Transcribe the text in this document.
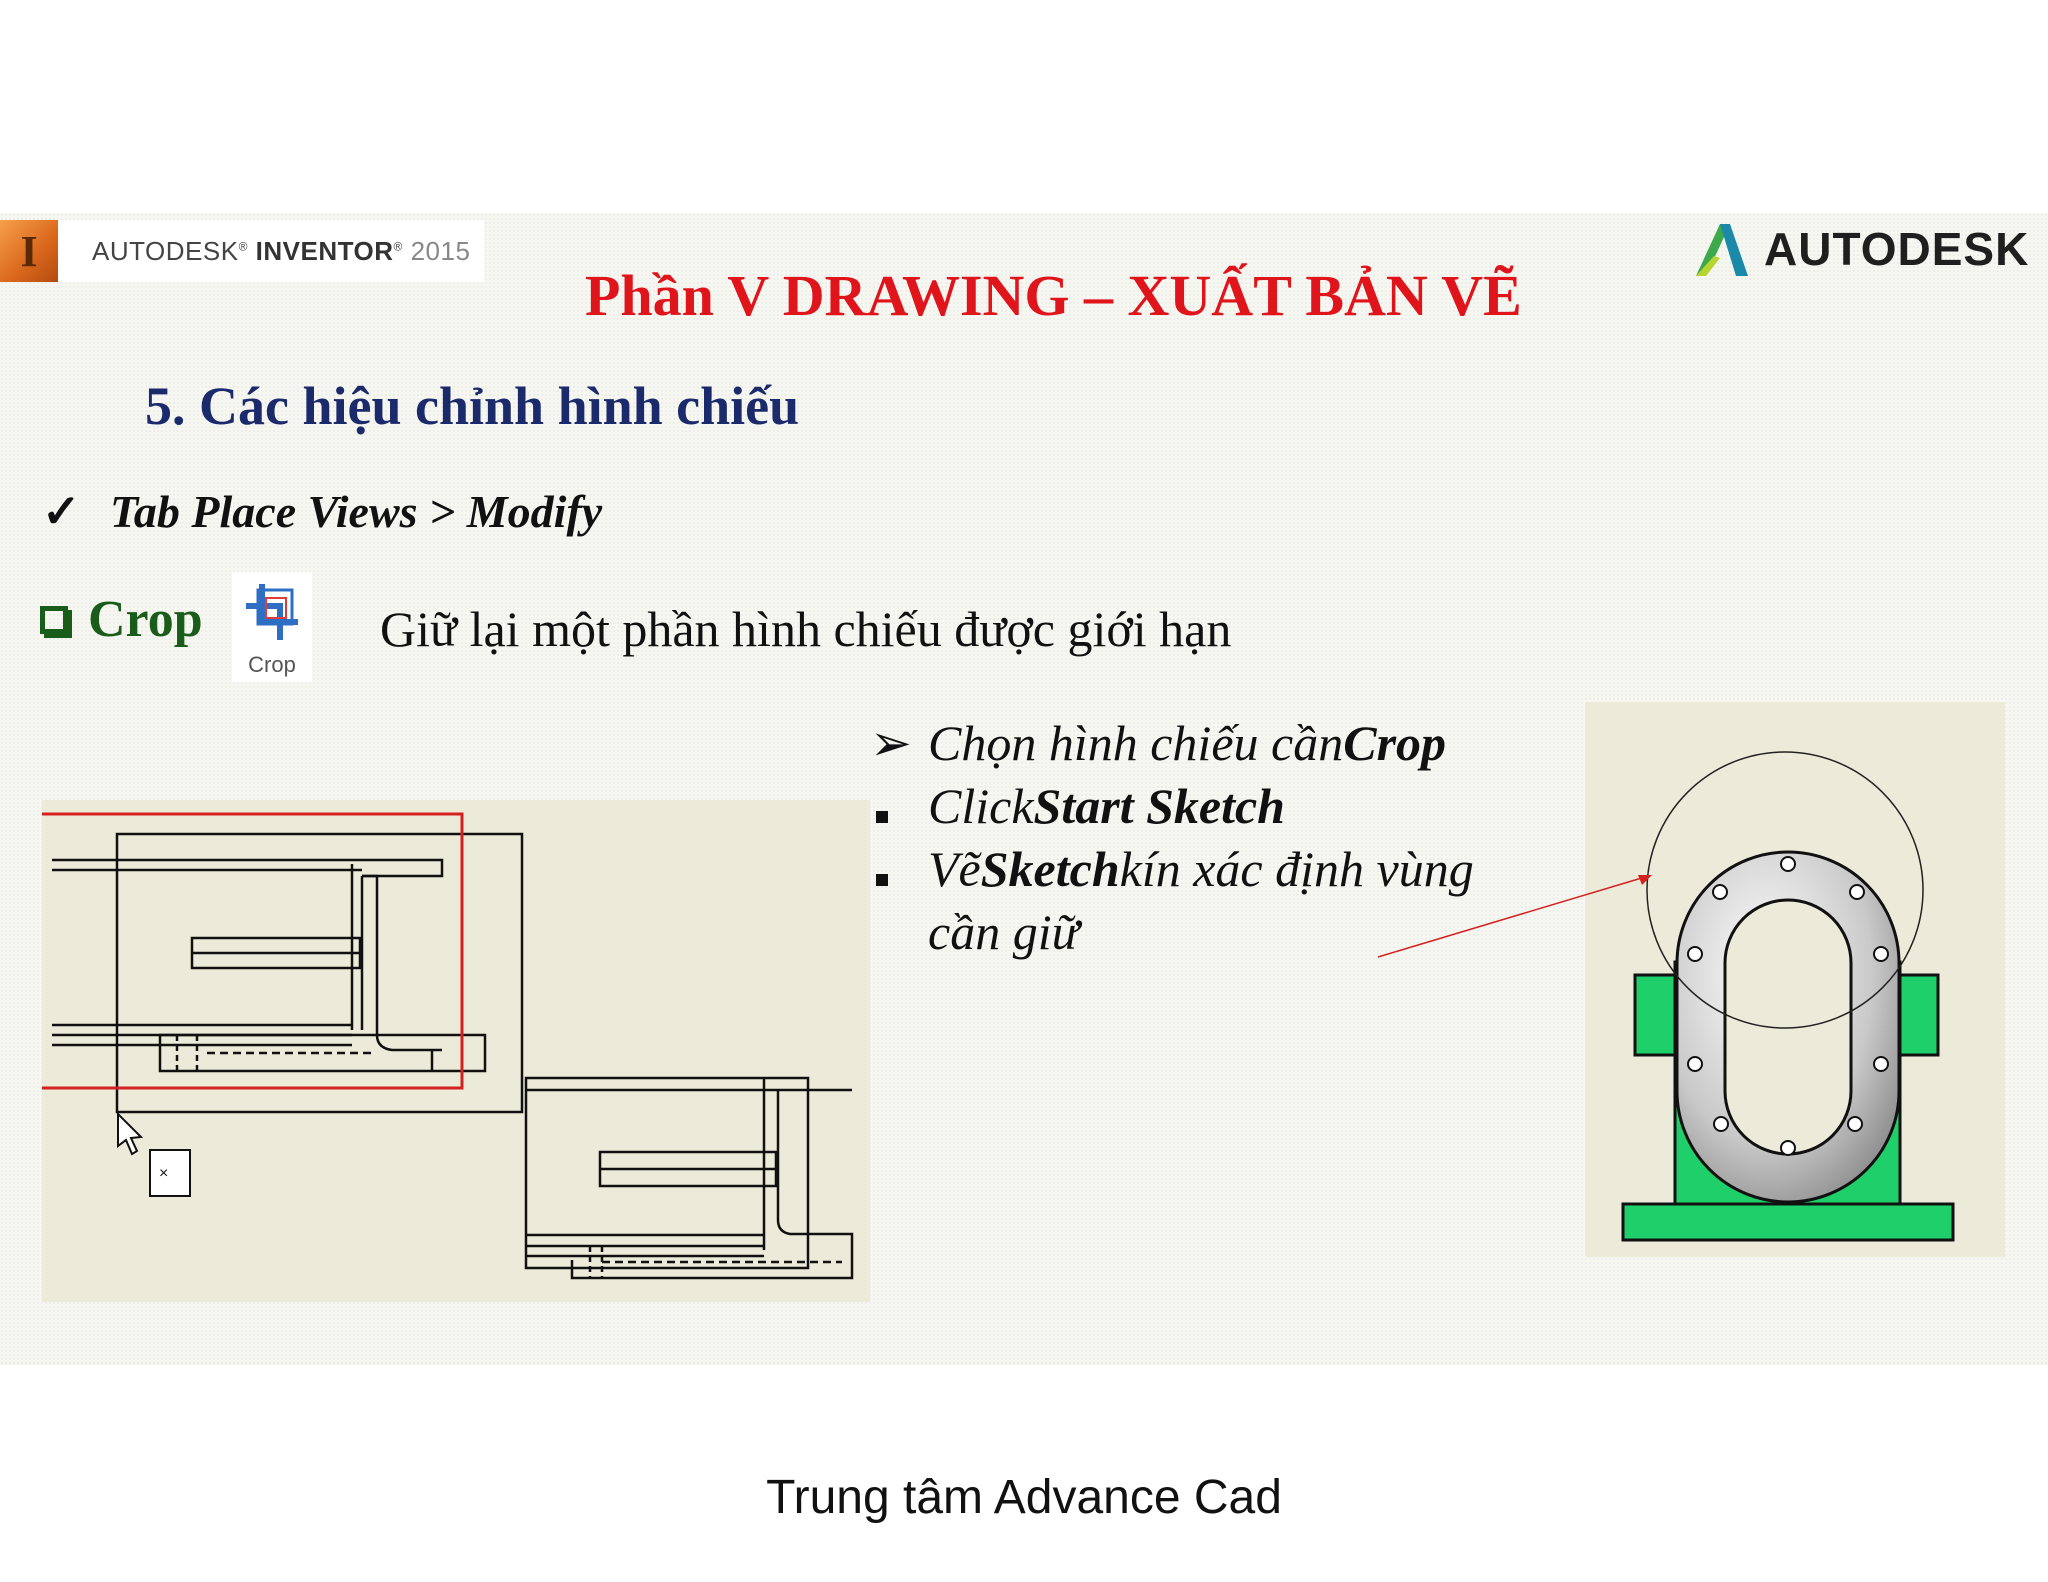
I AUTODESK® INVENTOR® 2015	AUTODESK
Phần V DRAWING – XUẤT BẢN VẼ
5. Các hiệu chỉnh hình chiếu
✓ Tab Place Views > Modify
Crop
Crop
Giữ lại một phần hình chiếu được giới hạn
➢ Chọn hình chiếu cần Crop
Click Start Sketch
Vẽ Sketch kín xác định vùng
cần giữ
×
Trung tâm Advance Cad
